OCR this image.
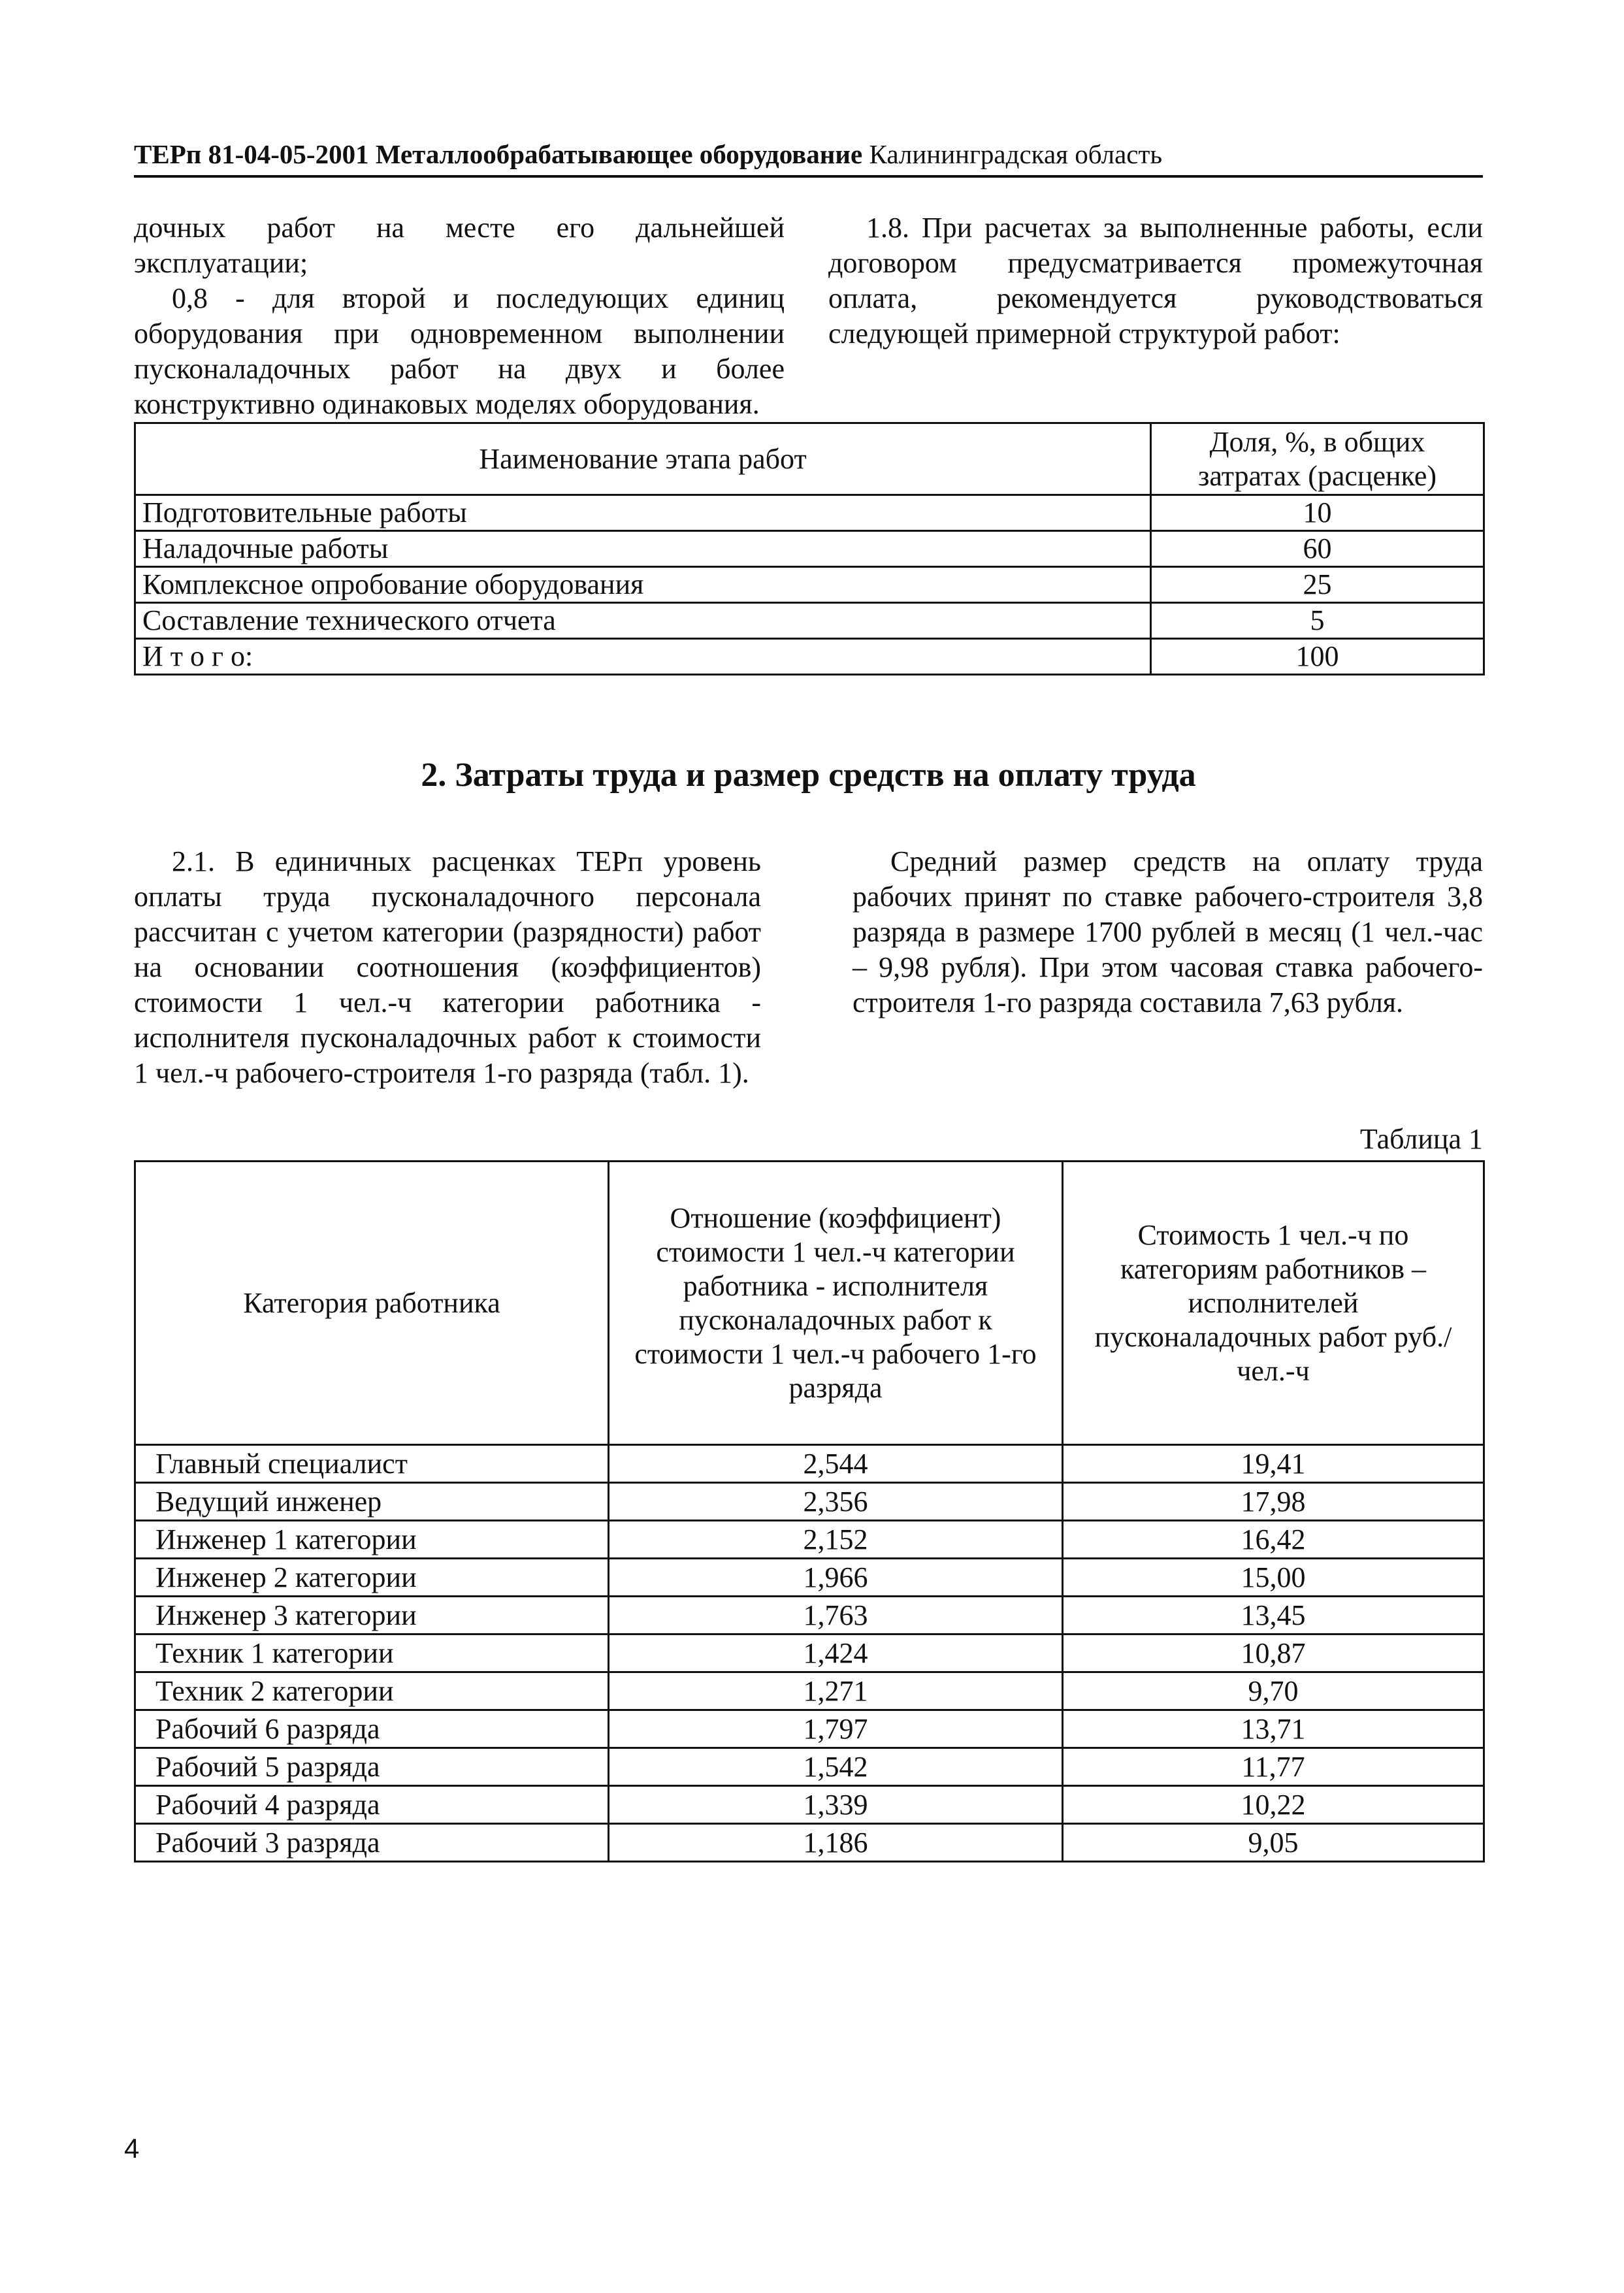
ТЕРп 81-04-05-2001 Металлообрабатывающее оборудование Калининградская область

дочных работ на месте его дальнейшей эксплуатации;

0,8 - для второй и последующих единиц оборудования при одновременном выполнении пусконаладочных работ на двух и более конструктивно одинаковых моделях оборудования.

1.8. При расчетах за выполненные работы, если договором предусматривается промежуточная оплата, рекомендуется руководствоваться следующей примерной структурой работ:

Наименование этапа работ	Доля, %, в общих затратах (расценке)
Подготовительные работы	10
Наладочные работы	60
Комплексное опробование оборудования	25
Составление технического отчета	5
И т о г о:	100
2. Затраты труда и размер средств на оплату труда

2.1. В единичных расценках ТЕРп уровень оплаты труда пусконаладочного персонала рассчитан с учетом категории (разрядности) работ на основании соотношения (коэффициентов) стоимости 1 чел.-ч категории работника - исполнителя пусконаладочных работ к стоимости 1 чел.-ч рабочего-строителя 1-го разряда (табл. 1).

Средний размер средств на оплату труда рабочих принят по ставке рабочего-строителя 3,8 разряда в размере 1700 рублей в месяц (1 чел.-час – 9,98 рубля). При этом часовая ставка рабочего-строителя 1-го разряда составила 7,63 рубля.

Таблица 1
Категория работника	Отношение (коэффициент) стоимости 1 чел.-ч категории работника - исполнителя пусконаладочных работ к стоимости 1 чел.-ч рабочего 1-го разряда	Стоимость 1 чел.-ч по категориям работников – исполнителей пусконаладочных работ руб./чел.-ч
Главный специалист	2,544	19,41
Ведущий инженер	2,356	17,98
Инженер 1 категории	2,152	16,42
Инженер 2 категории	1,966	15,00
Инженер 3 категории	1,763	13,45
Техник 1 категории	1,424	10,87
Техник 2 категории	1,271	9,70
Рабочий 6 разряда	1,797	13,71
Рабочий 5 разряда	1,542	11,77
Рабочий 4 разряда	1,339	10,22
Рабочий 3 разряда	1,186	9,05
4
